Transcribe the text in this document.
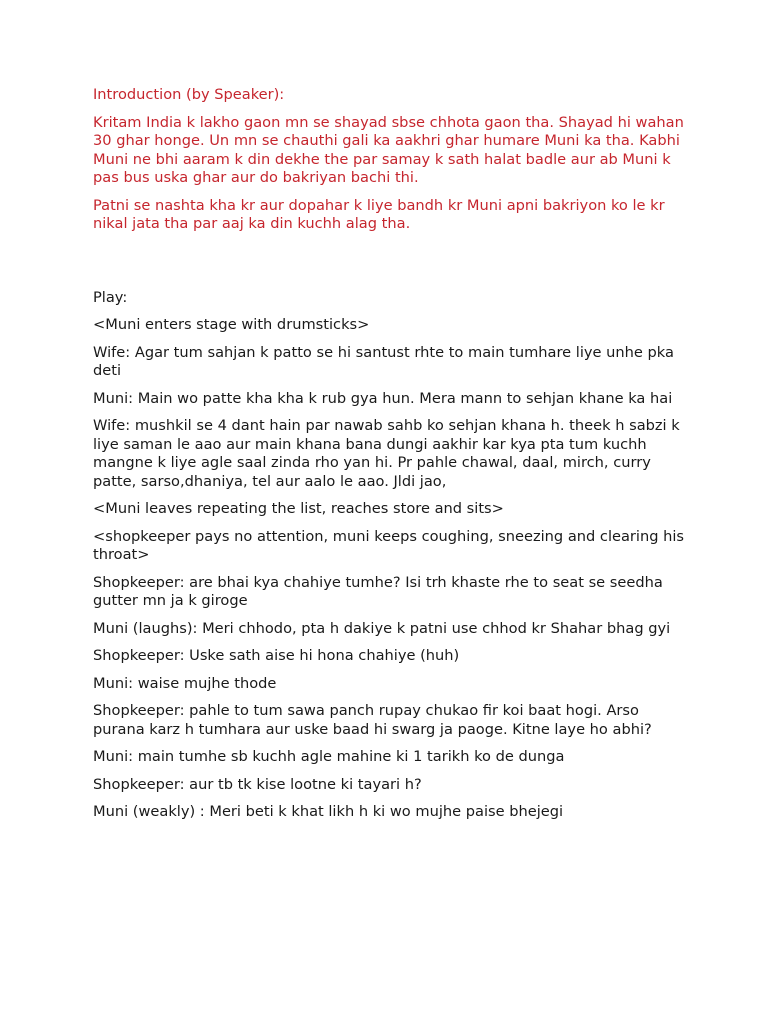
Introduction (by Speaker):

Kritam India k lakho gaon mn se shayad sbse chhota gaon tha. Shayad hi wahan 30 ghar honge. Un mn se chauthi gali ka aakhri ghar humare Muni ka tha. Kabhi Muni ne bhi aaram k din dekhe the par samay k sath halat badle aur ab Muni k pas bus uska ghar aur do bakriyan bachi thi.

Patni se nashta kha kr aur dopahar k liye bandh kr Muni apni bakriyon ko le kr nikal jata tha par aaj ka din kuchh alag tha.

Play:

<Muni enters stage with drumsticks>

Wife: Agar tum sahjan k patto se hi santust rhte to main tumhare liye unhe pka deti

Muni: Main wo patte kha kha k rub gya hun. Mera mann to sehjan khane ka hai

Wife: mushkil se 4 dant hain par nawab sahb ko sehjan khana h. theek h sabzi k liye saman le aao aur main khana bana dungi aakhir kar kya pta tum kuchh mangne k liye agle saal zinda rho yan hi. Pr pahle chawal, daal, mirch, curry patte, sarso,dhaniya, tel aur aalo le aao. Jldi jao,

<Muni leaves repeating the list, reaches store and sits>

<shopkeeper pays no attention, muni keeps coughing, sneezing and clearing his throat>

Shopkeeper: are bhai kya chahiye tumhe? Isi trh khaste rhe to seat se seedha gutter mn ja k giroge

Muni (laughs): Meri chhodo, pta h dakiye k patni use chhod kr Shahar bhag gyi

Shopkeeper: Uske sath aise hi hona chahiye (huh)

Muni: waise mujhe thode

Shopkeeper: pahle to tum sawa panch rupay chukao fir koi baat hogi. Arso purana karz h tumhara aur uske baad hi swarg ja paoge. Kitne laye ho abhi?

Muni: main tumhe sb kuchh agle mahine ki 1 tarikh ko de dunga

Shopkeeper: aur tb tk kise lootne ki tayari h?

Muni (weakly) : Meri beti k khat likh h ki wo mujhe paise bhejegi
